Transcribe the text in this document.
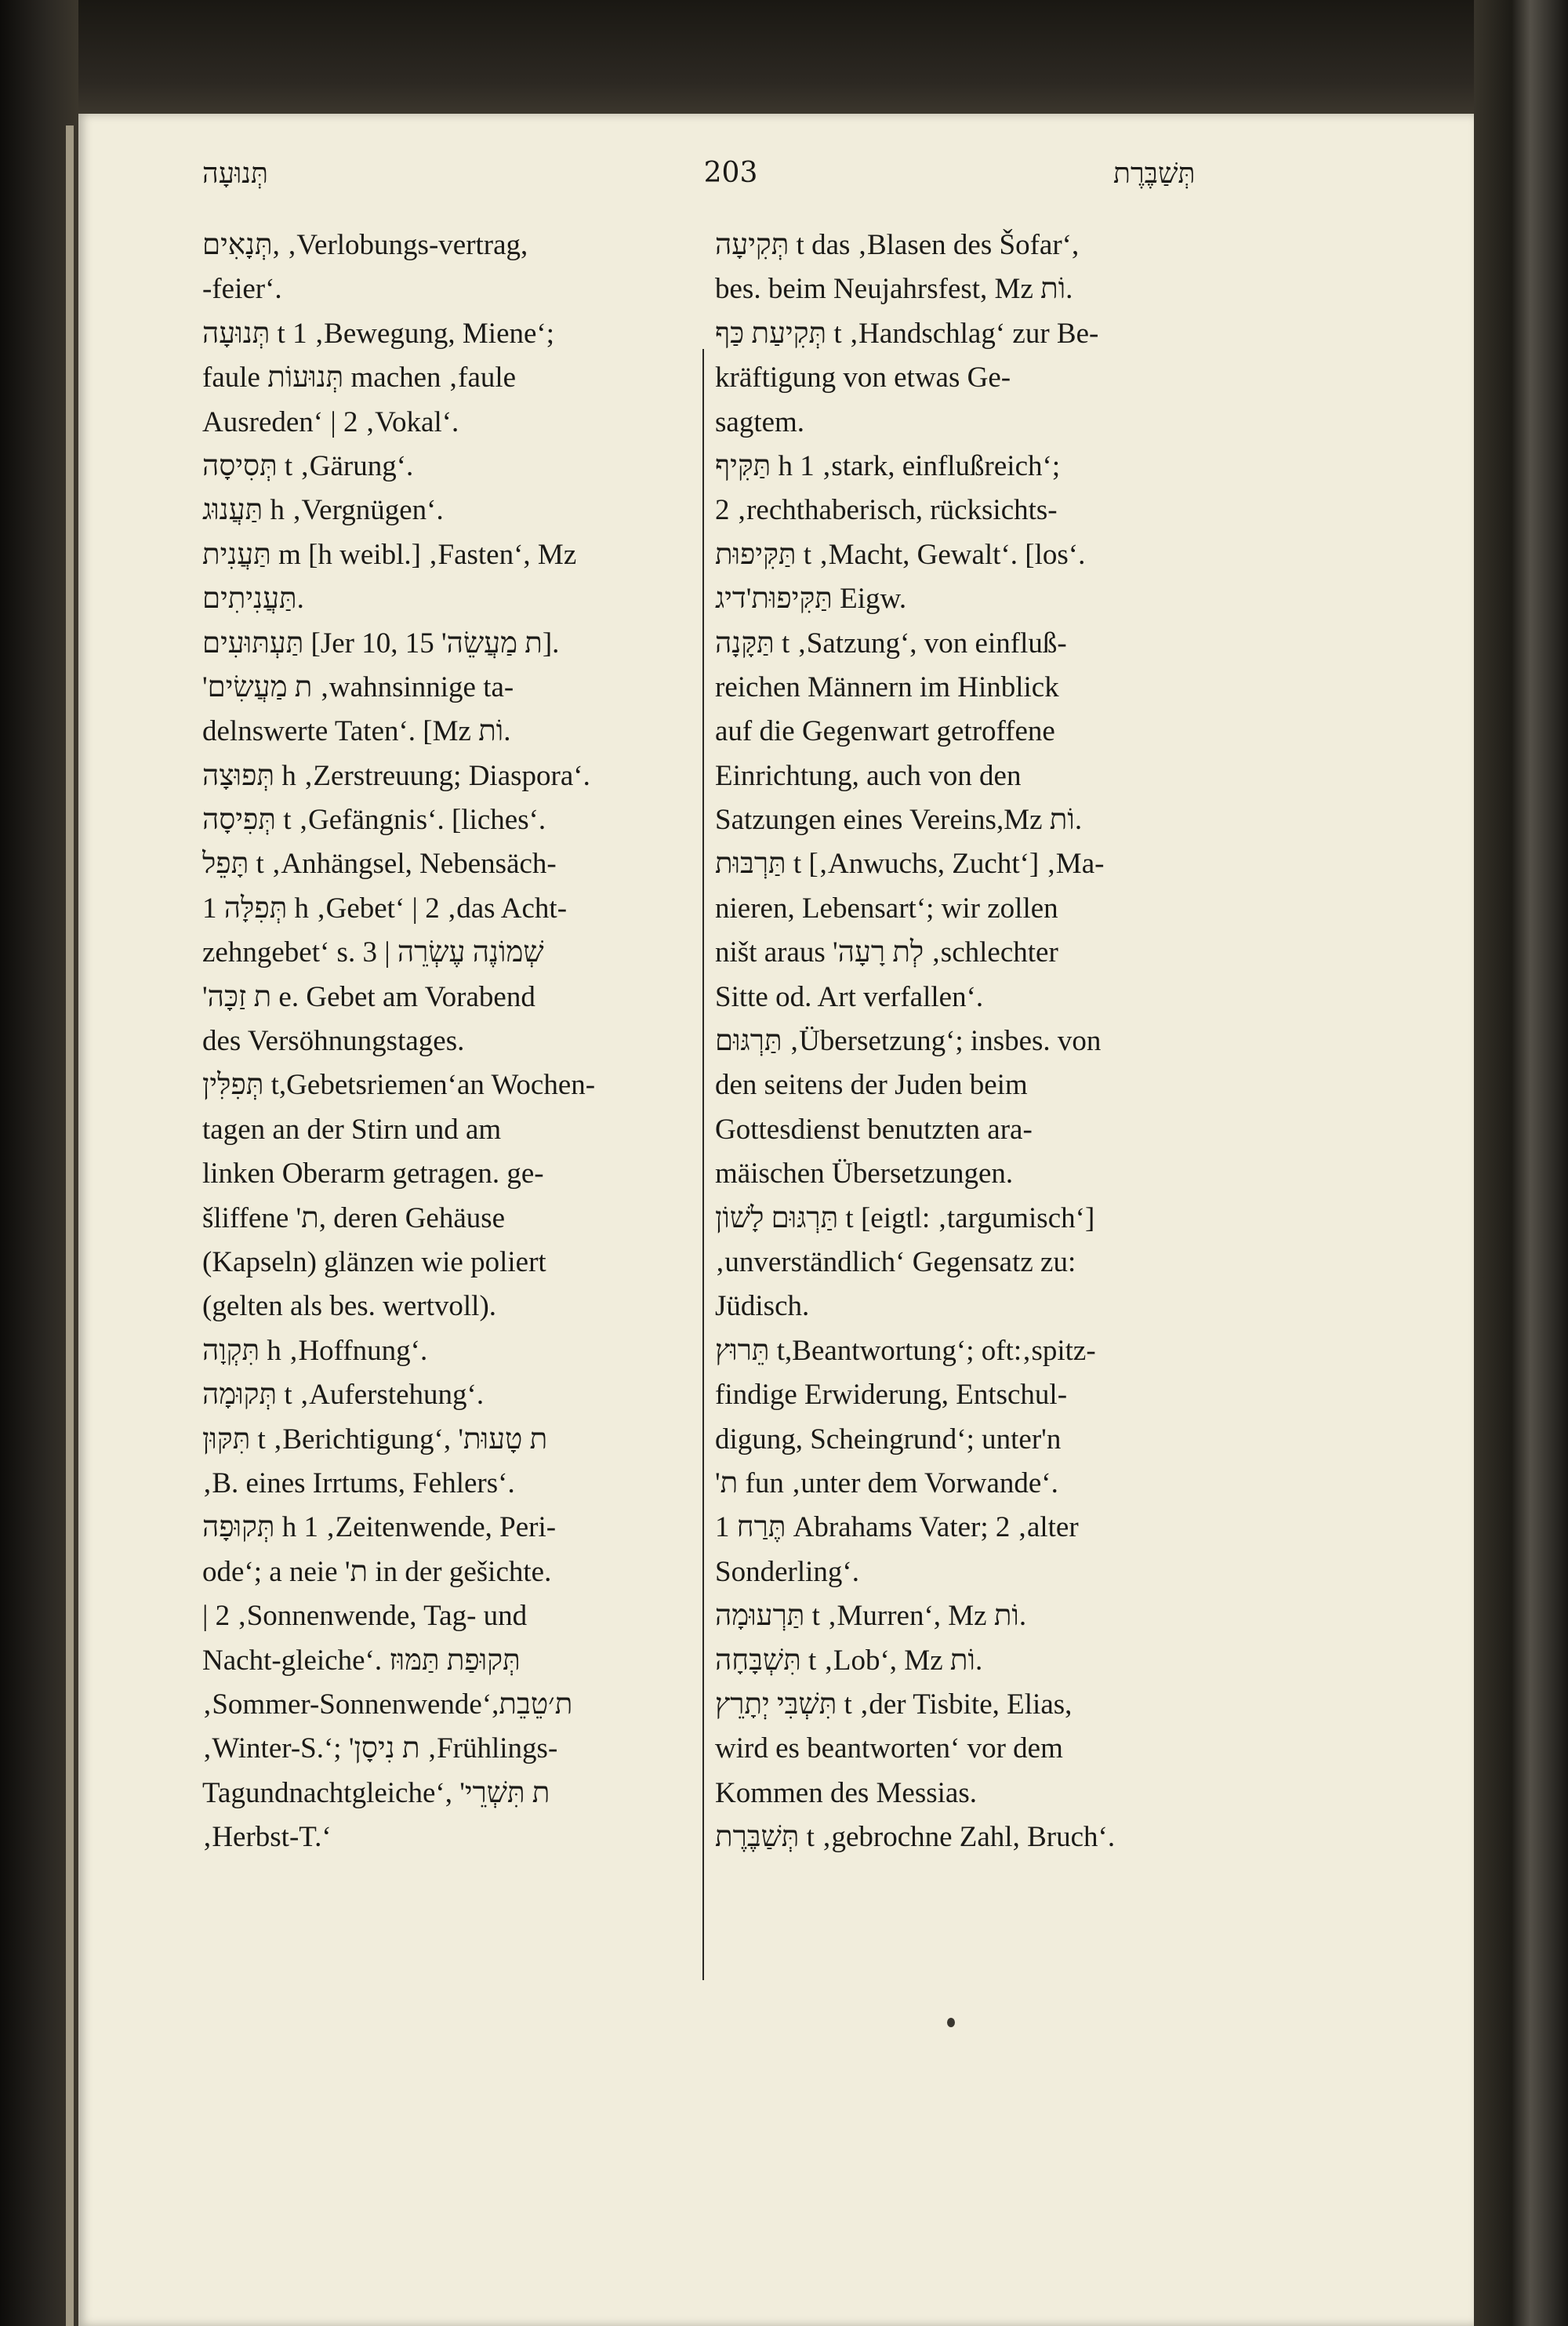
תְּנוּעָה	203	תְּשַׁבֶּרֶת
תְּנָאִים, ‚Verlobungs-vertrag,
-feier‘.
תְּנוּעָה t 1 ‚Bewegung, Miene‘;
faule תְּנוּעוֹת machen ‚faule
Ausreden‘ | 2 ‚Vokal‘.
תְּסִיסָה t ‚Gärung‘.
תַּעֲנוּג h ‚Vergnügen‘.
תַּעֲנִית m [h weibl.] ‚Fasten‘, Mz
תַּעֲנִיתִים.
תַּעְתּוּעִים [Jer 10, 15 'ת מַעֲשֵׂה].
'ת מַעֲשִׂים ‚wahnsinnige ta-
delnswerte Taten‘. [Mz וֹת.
תְּפוּצָה h ‚Zerstreuung; Diaspora‘.
תְּפִיסָה t ‚Gefängnis‘. [liches‘.
תָּפֵל t ‚Anhängsel, Nebensäch-
תְּפִלָּה 1 h ‚Gebet‘ | 2 ‚das Acht-
zehngebet‘ s. שְׁמוֹנֶה עֶשְׂרֵה | 3
'ת זַכָּה e. Gebet am Vorabend
des Versöhnungstages.
תְּפִלִּין t,Gebetsriemen‘an Wochen-
tagen an der Stirn und am
linken Oberarm getragen. ge-
šliffene 'ת, deren Gehäuse
(Kapseln) glänzen wie poliert
(gelten als bes. wertvoll).
תִּקְוָה h ‚Hoffnung‘.
תְּקוּמָה t ‚Auferstehung‘.
תִּקּוּן t ‚Berichtigung‘, 'ת טָעוּת
‚B. eines Irrtums, Fehlers‘.
תְּקוּפָה h 1 ‚Zeitenwende, Peri-
ode‘; a neie 'ת in der gešichte.
| 2 ‚Sonnenwende, Tag- und
Nacht-gleiche‘. תְּקוּפַת תַּמּוּז
‚Sommer-Sonnenwende‘,ת׳טֵבֵת
‚Winter-S.‘; 'ת נִיסָן ‚Frühlings-
Tagundnachtgleiche‘, 'ת תִּשְׁרֵי
‚Herbst-T.‘
תְּקִיעָה t das ‚Blasen des Šofar‘,
bes. beim Neujahrsfest, Mz וֹת.
תְּקִיעַת כַּף t ‚Handschlag‘ zur Be-
kräftigung von etwas Ge-
sagtem.
תַּקִּיף h 1 ‚stark, einflußreich‘;
2 ‚rechthaberisch, rücksichts-
תַּקִּיפוּת t ‚Macht, Gewalt‘. [los‘.
תַּקִּיפוּת'דיג Eigw.
תַּקָּנָה t ‚Satzung‘, von einfluß-
reichen Männern im Hinblick
auf die Gegenwart getroffene
Einrichtung, auch von den
Satzungen eines Vereins,Mz וֹת.
תַּרְבּוּת t [‚Anwuchs, Zucht‘] ‚Ma-
nieren, Lebensart‘; wir zollen
ništ araus 'לְת רָעָה ‚schlechter
Sitte od. Art verfallen‘.
תַּרְגּוּם ‚Übersetzung‘; insbes. von
den seitens der Juden beim
Gottesdienst benutzten ara-
mäischen Übersetzungen.
תַּרְגּוּם לָשׁוֹן t [eigtl: ‚targumisch‘]
‚unverständlich‘ Gegensatz zu:
Jüdisch.
תֵּרוּץ t,Beantwortung‘; oft:‚spitz-
findige Erwiderung, Entschul-
digung, Scheingrund‘; unter'n
'ת fun ‚unter dem Vorwande‘.
תֶּרַח 1 Abrahams Vater; 2 ‚alter
Sonderling‘.
תַּרְעוּמָה t ‚Murren‘, Mz וֹת.
תִּשְׁבָּחָה t ‚Lob‘, Mz וֹת.
תִּשְׁבִּי יְתָרֵץ t ‚der Tisbite, Elias,
wird es beantworten‘ vor dem
Kommen des Messias.
תְּשַׁבֶּרֶת t ‚gebrochne Zahl, Bruch‘.
